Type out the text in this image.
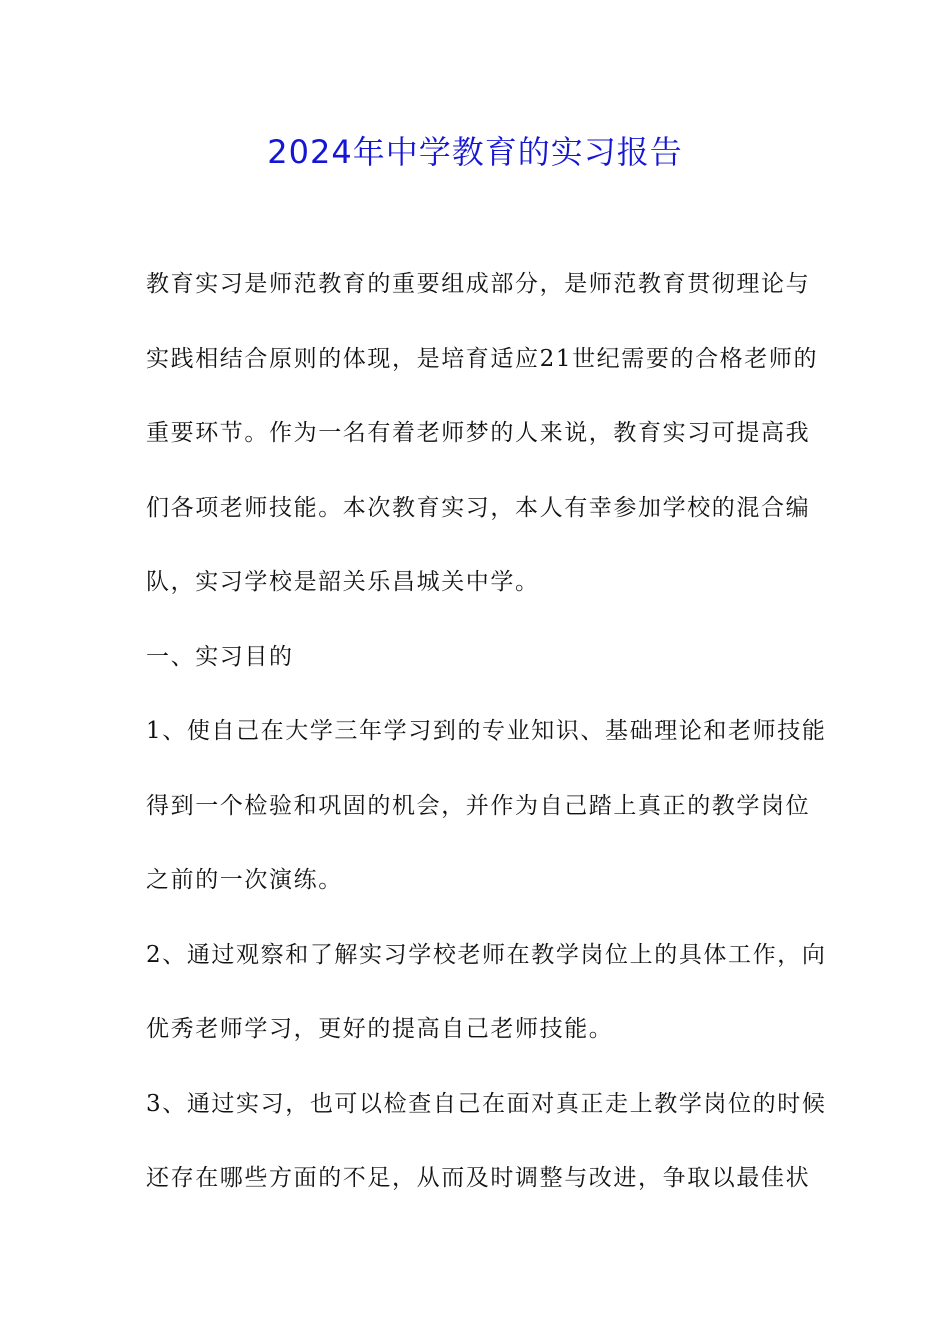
2024年中学教育的实习报告
教育实习是师范教育的重要组成部分，是师范教育贯彻理论与
实践相结合原则的体现，是培育适应21世纪需要的合格老师的
重要环节。作为一名有着老师梦的人来说，教育实习可提高我
们各项老师技能。本次教育实习，本人有幸参加学校的混合编
队，实习学校是韶关乐昌城关中学。
一、实习目的
1、使自己在大学三年学习到的专业知识、基础理论和老师技能
得到一个检验和巩固的机会，并作为自己踏上真正的教学岗位
之前的一次演练。
2、通过观察和了解实习学校老师在教学岗位上的具体工作，向
优秀老师学习，更好的提高自己老师技能。
3、通过实习，也可以检查自己在面对真正走上教学岗位的时候
还存在哪些方面的不足，从而及时调整与改进，争取以最佳状
